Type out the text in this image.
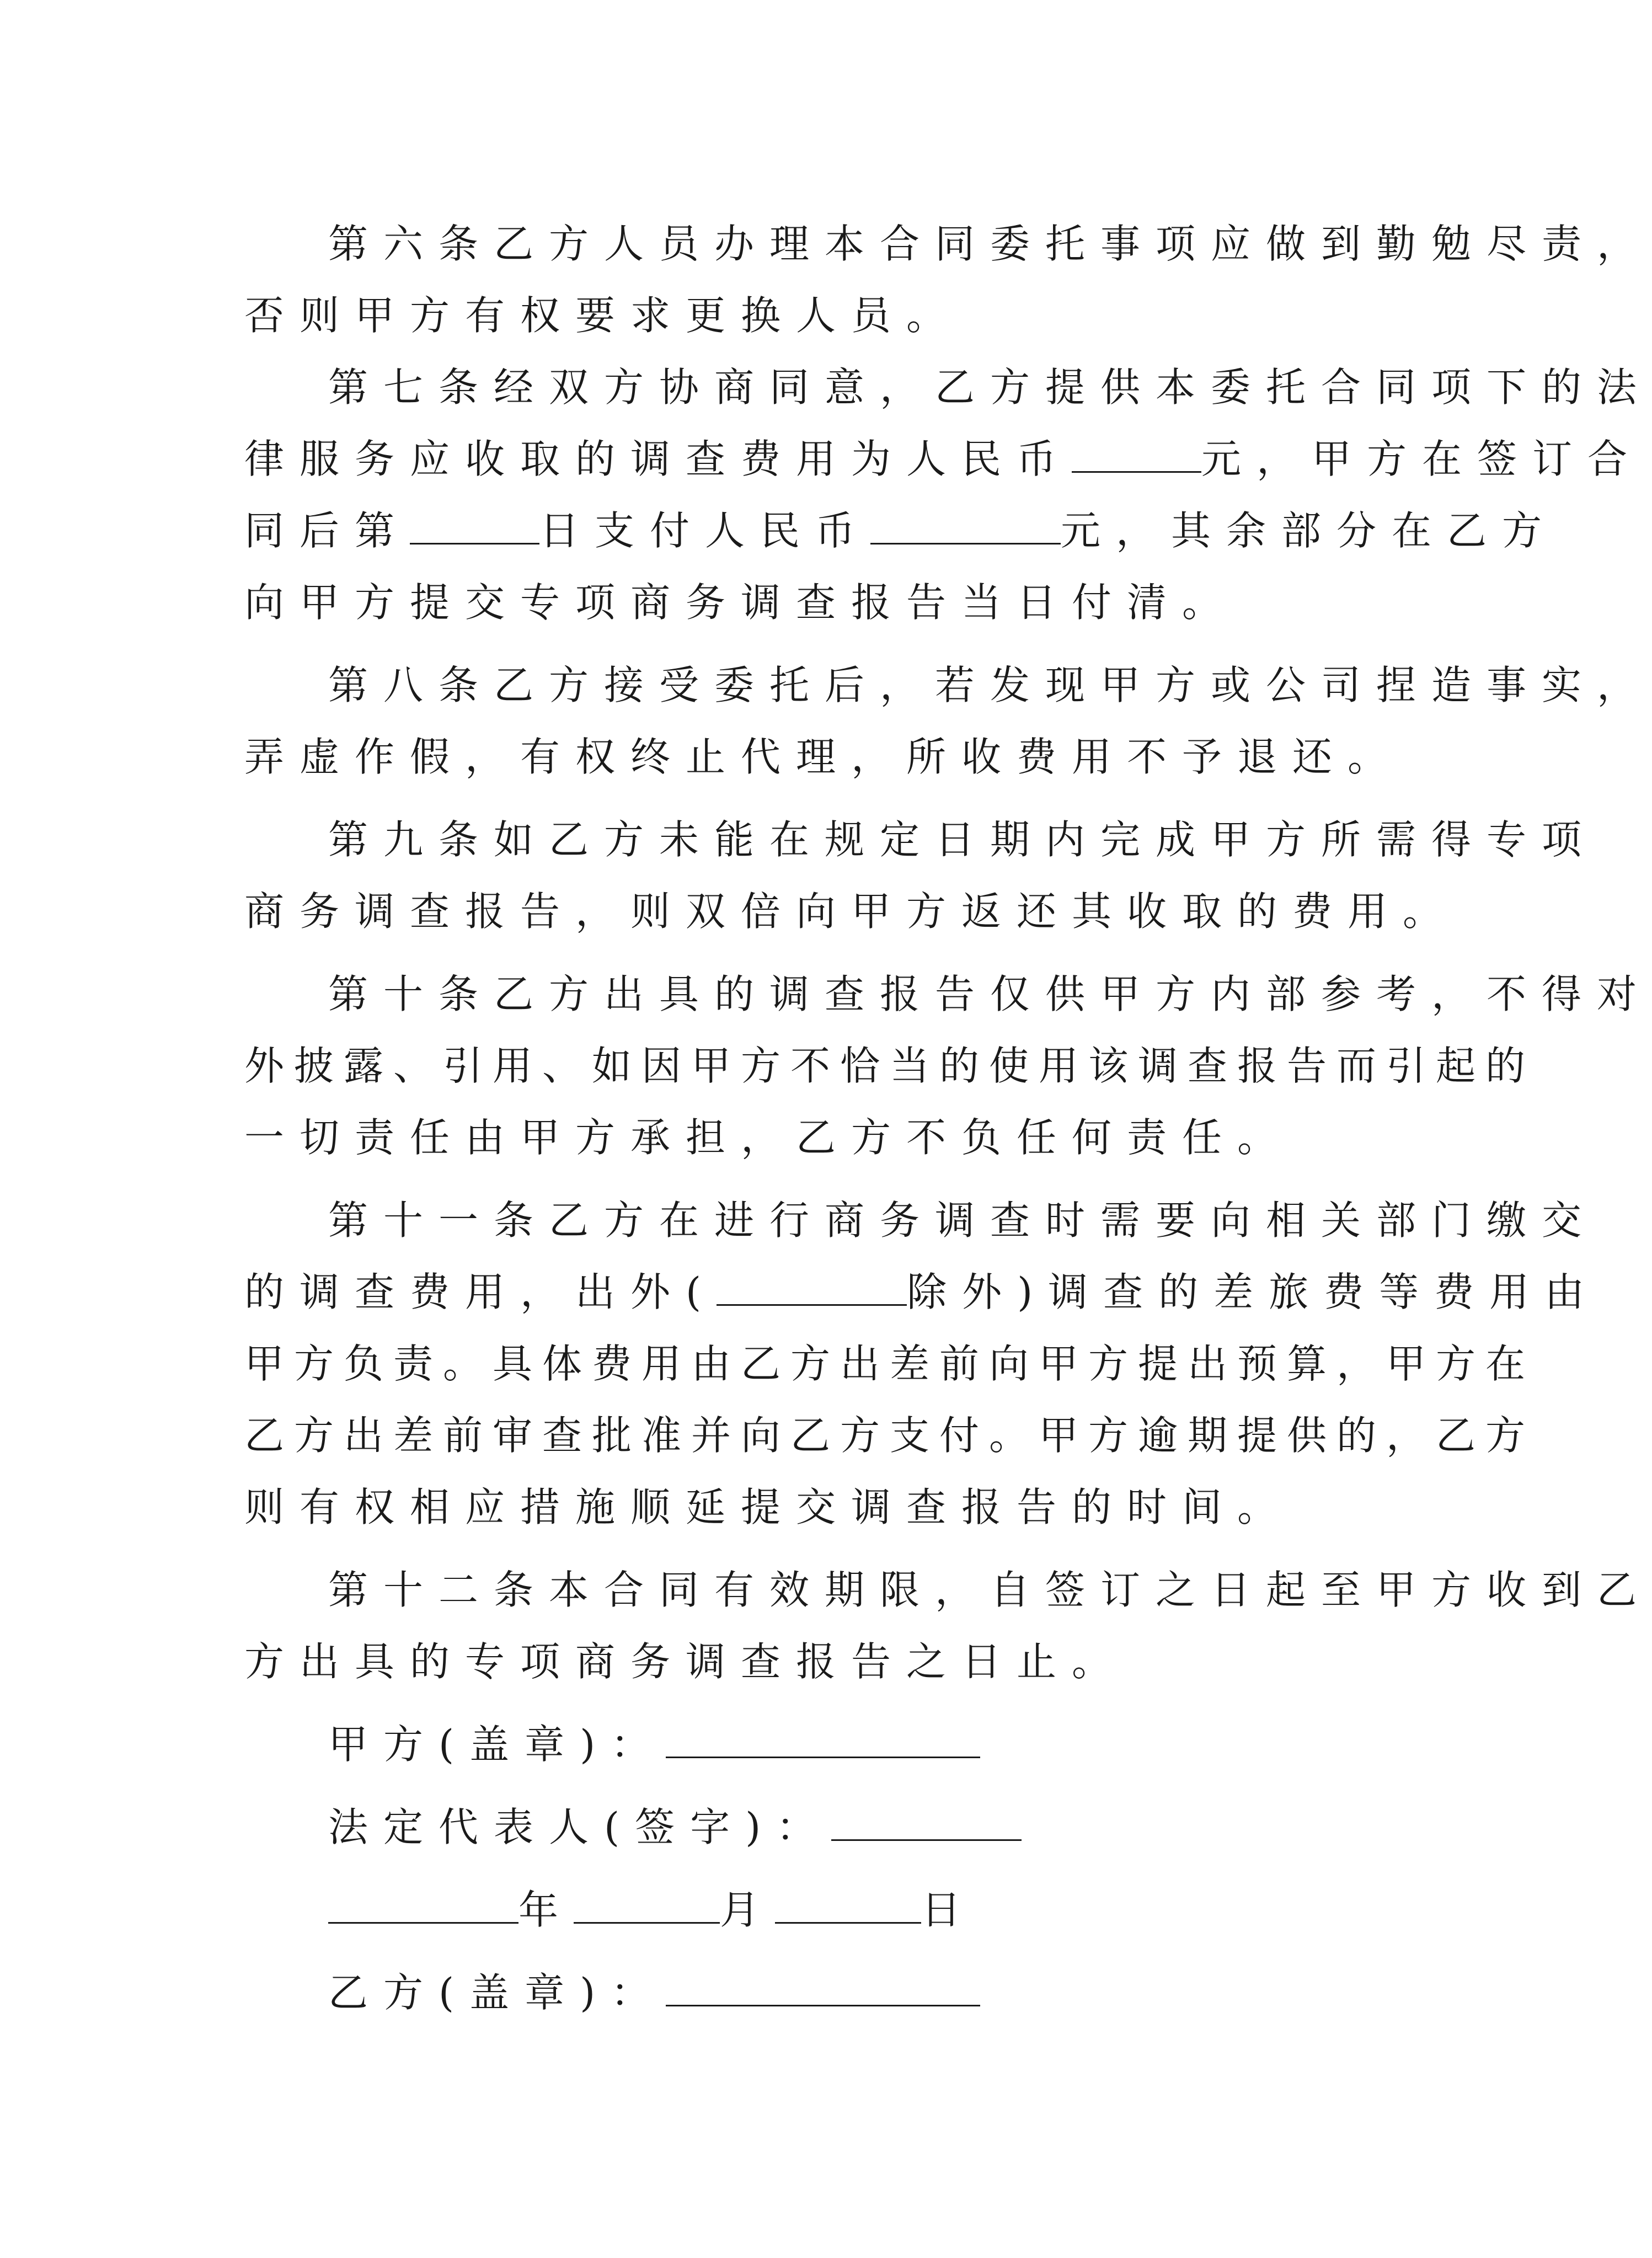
第六条乙方人员办理本合同委托事项应做到勤勉尽责，
否则甲方有权要求更换人员。
第七条经双方协商同意，乙方提供本委托合同项下的法
律服务应收取的调查费用为人民币	元，甲方在签订合
同后第	日支付人民币	元，其余部分在乙方
向甲方提交专项商务调查报告当日付清。
第八条乙方接受委托后，若发现甲方或公司捏造事实，
弄虚作假，有权终止代理，所收费用不予退还。
第九条如乙方未能在规定日期内完成甲方所需得专项
商务调查报告，则双倍向甲方返还其收取的费用。
第十条乙方出具的调查报告仅供甲方内部参考，不得对
外披露、引用、如因甲方不恰当的使用该调查报告而引起的
一切责任由甲方承担，乙方不负任何责任。
第十一条乙方在进行商务调查时需要向相关部门缴交
的调查费用，出外(	除外)调查的差旅费等费用由
甲方负责。具体费用由乙方出差前向甲方提出预算，甲方在
乙方出差前审查批准并向乙方支付。甲方逾期提供的，乙方
则有权相应措施顺延提交调查报告的时间。
第十二条本合同有效期限，自签订之日起至甲方收到乙
方出具的专项商务调查报告之日止。
甲方(盖章)：
法定代表人(签字)：
年	月	日
乙方(盖章)：
